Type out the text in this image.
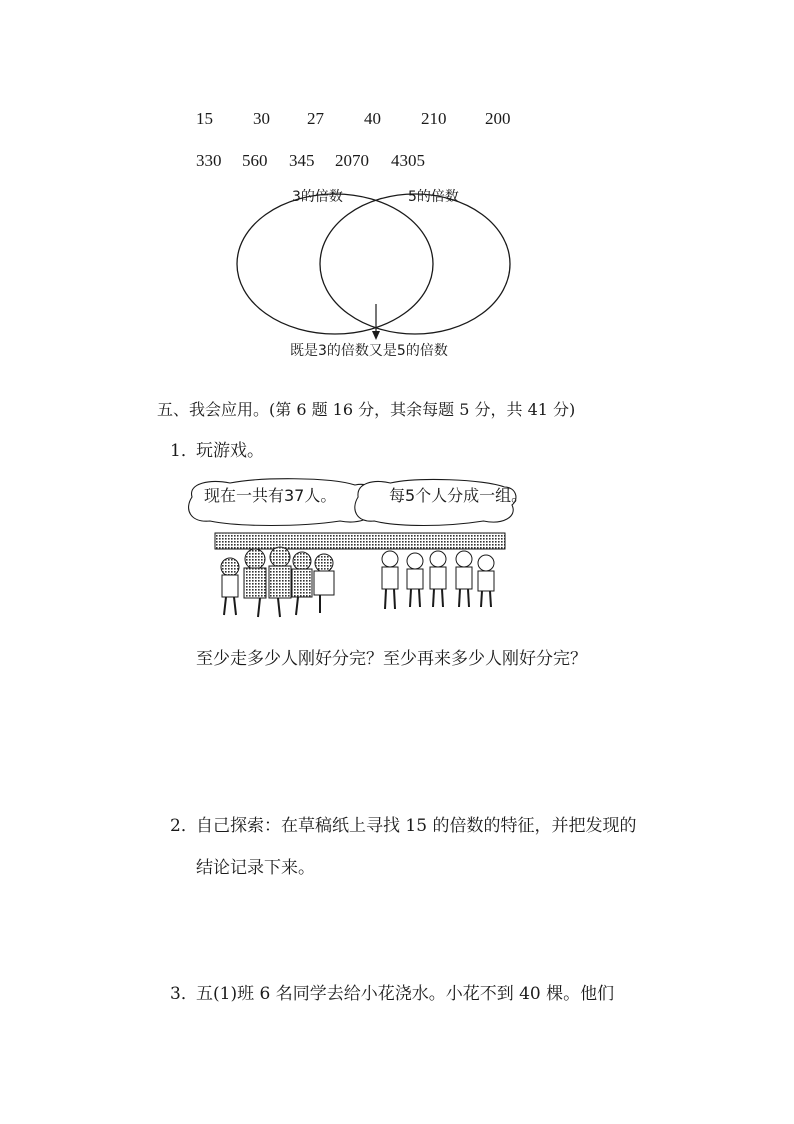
15 30 27 40 210 200
330 560 345 2070 4305
3的倍数	5的倍数
既是3的倍数又是5的倍数
五、我会应用。(第 6 题 16 分，其余每题 5 分，共 41 分)
1．
玩游戏。
现在一共有37人。	每5个人分成一组。
至少走多少人刚好分完？至少再来多少人刚好分完？
2．
自己探索：在草稿纸上寻找 15 的倍数的特征，并把发现的
结论记录下来。
3．
五(1)班 6 名同学去给小花浇水。小花不到 40 棵。他们
